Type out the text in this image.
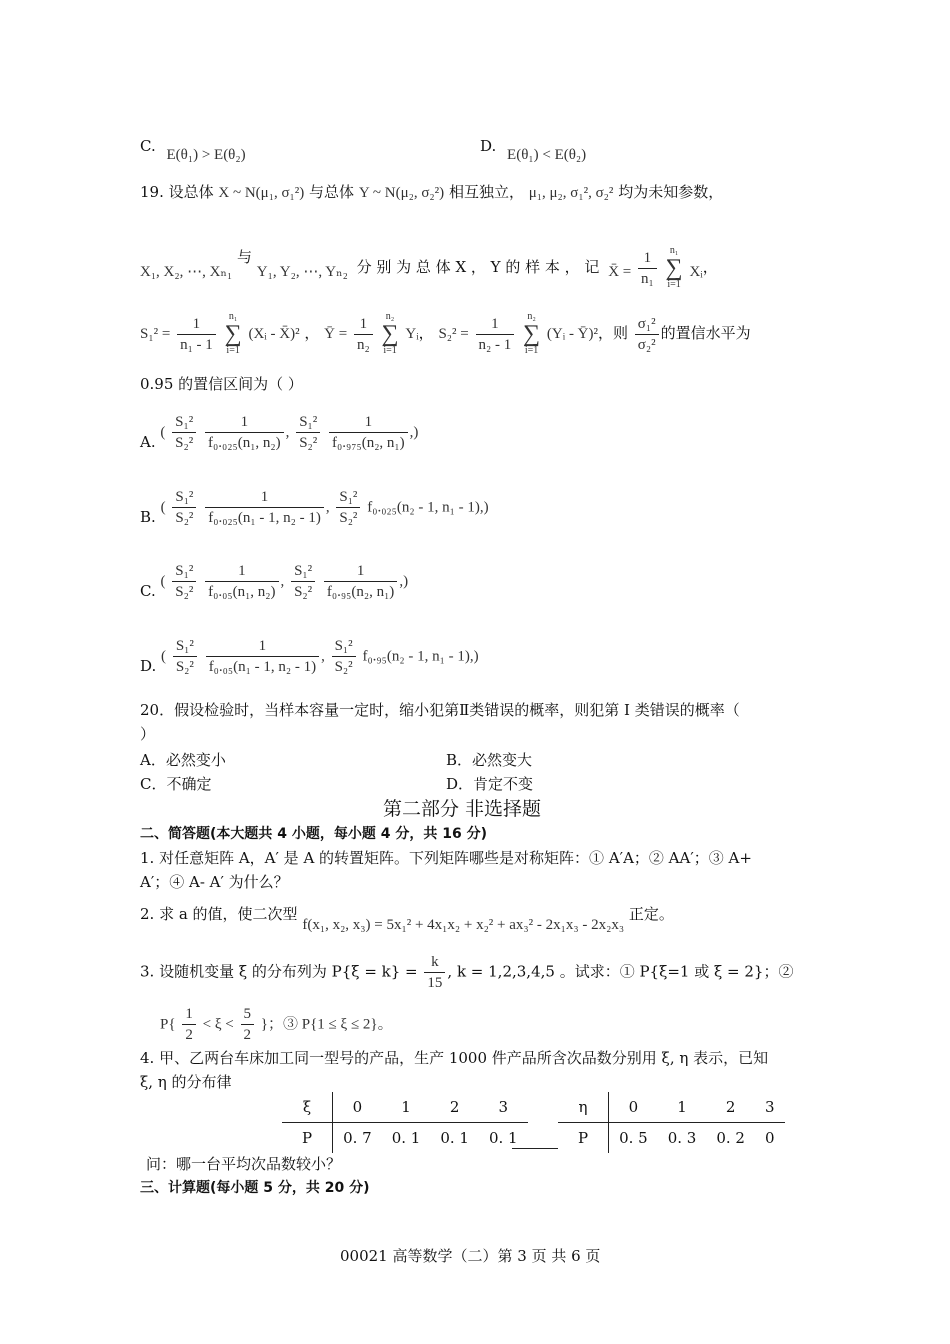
C. E(θ₁) > E(θ₂)	D. E(θ₁) < E(θ₂)
19. 设总体 X ~ N(μ₁, σ₁²) 与总体 Y ~ N(μ₂, σ₂²) 相互独立， μ₁, μ₂, σ₁², σ₂² 均为未知参数，
X₁, X₂, ⋯, Xₙ₁ 与 Y₁, Y₂, ⋯, Yₙ₂ 分 别 为 总 体 X ， Y 的 样 本 ， 记 X̄ = $\frac{1}{\text{n₁}} n_1$
∑
i=1 Xᵢ，
$S_1^2 = \frac{1}{\text{n₁ - 1}} n_1$
∑
i=1 (Xᵢ - X̄)² ， Ȳ = $\frac{1}{\text{n₂}} n_2$
∑
i=1 Yᵢ， $S_2^2 = \frac{1}{\text{n₂ - 1}} n_2$
∑
i=1 (Yᵢ - Ȳ)²，则 $\frac{\text{σ₁²}}{\text{σ₂²}}$ 的置信水平为
0.95 的置信区间为（ ）
A. ( $\frac{\text{S₁²}}{\text{S₂²}}$
$\frac{1}{\text{f₀.₀₂₅(n₁, n₂)}}$ , $\frac{\text{S₁²}}{\text{S₂²}}$
$\frac{1}{\text{f₀.₉₇₅(n₂, n₁)}}$ ,)
B. ( $\frac{\text{S₁²}}{\text{S₂²}}$
$\frac{1}{\text{f₀.₀₂₅(n₁ - 1, n₂ - 1)}}$ , $\frac{\text{S₁²}}{\text{S₂²}} f_0._{025}(n_2 - 1$, n₁ - 1),)
C. ( $\frac{\text{S₁²}}{\text{S₂²}}$
$\frac{1}{\text{f₀.₀₅(n₁, n₂)}}$ , $\frac{\text{S₁²}}{\text{S₂²}}$
$\frac{1}{\text{f₀.₉₅(n₂, n₁)}}$ ,)
D. ( $\frac{\text{S₁²}}{\text{S₂²}}$
$\frac{1}{\text{f₀.₀₅(n₁ - 1, n₂ - 1)}}$ , $\frac{\text{S₁²}}{\text{S₂²}} f_0._{95}(n_2 - 1$, n₁ - 1),)
20．假设检验时，当样本容量一定时，缩小犯第Ⅱ类错误的概率，则犯第 I 类错误的概率（
）
A．必然变小	B．必然变大
C．不确定	D．肯定不变
第二部分 非选择题
二、简答题(本大题共 4 小题，每小题 4 分，共 16 分)
1. 对任意矩阵 A，A′ 是 A 的转置矩阵。下列矩阵哪些是对称矩阵：① A′A；② AA′；③ A+
A′；④ A- A′ 为什么？
2. 求 a 的值，使二次型 f(x₁, x₂, x₃) = 5x₁² + 4x₁x₂ + x₂² + ax₃² - 2x₁x₃ - 2x₂x₃ 正定。
3. 设随机变量 ξ 的分布列为 $P\{\xi = k\} = \frac{k}{15}$ , k = 1,2,3,4,5 。试求：① P{ξ=1 或 ξ = 2}；②
$P\{ \frac{1}{2} < \xi < \frac{5}{2}$ }；③ P{1 ≤ ξ ≤ 2}。
4. 甲、乙两台车床加工同一型号的产品，生产 1000 件产品所含次品数分别用 ξ, η 表示，已知
ξ, η 的分布律
ξ	0	1	2	3
P	0. 7	0. 1	0. 1	0. 1
η	0	1	2	3
P	0. 5	0. 3	0. 2	0
问：哪一台平均次品数较小？
三、计算题(每小题 5 分，共 20 分)
00021 高等数学（二）第 3 页 共 6 页
